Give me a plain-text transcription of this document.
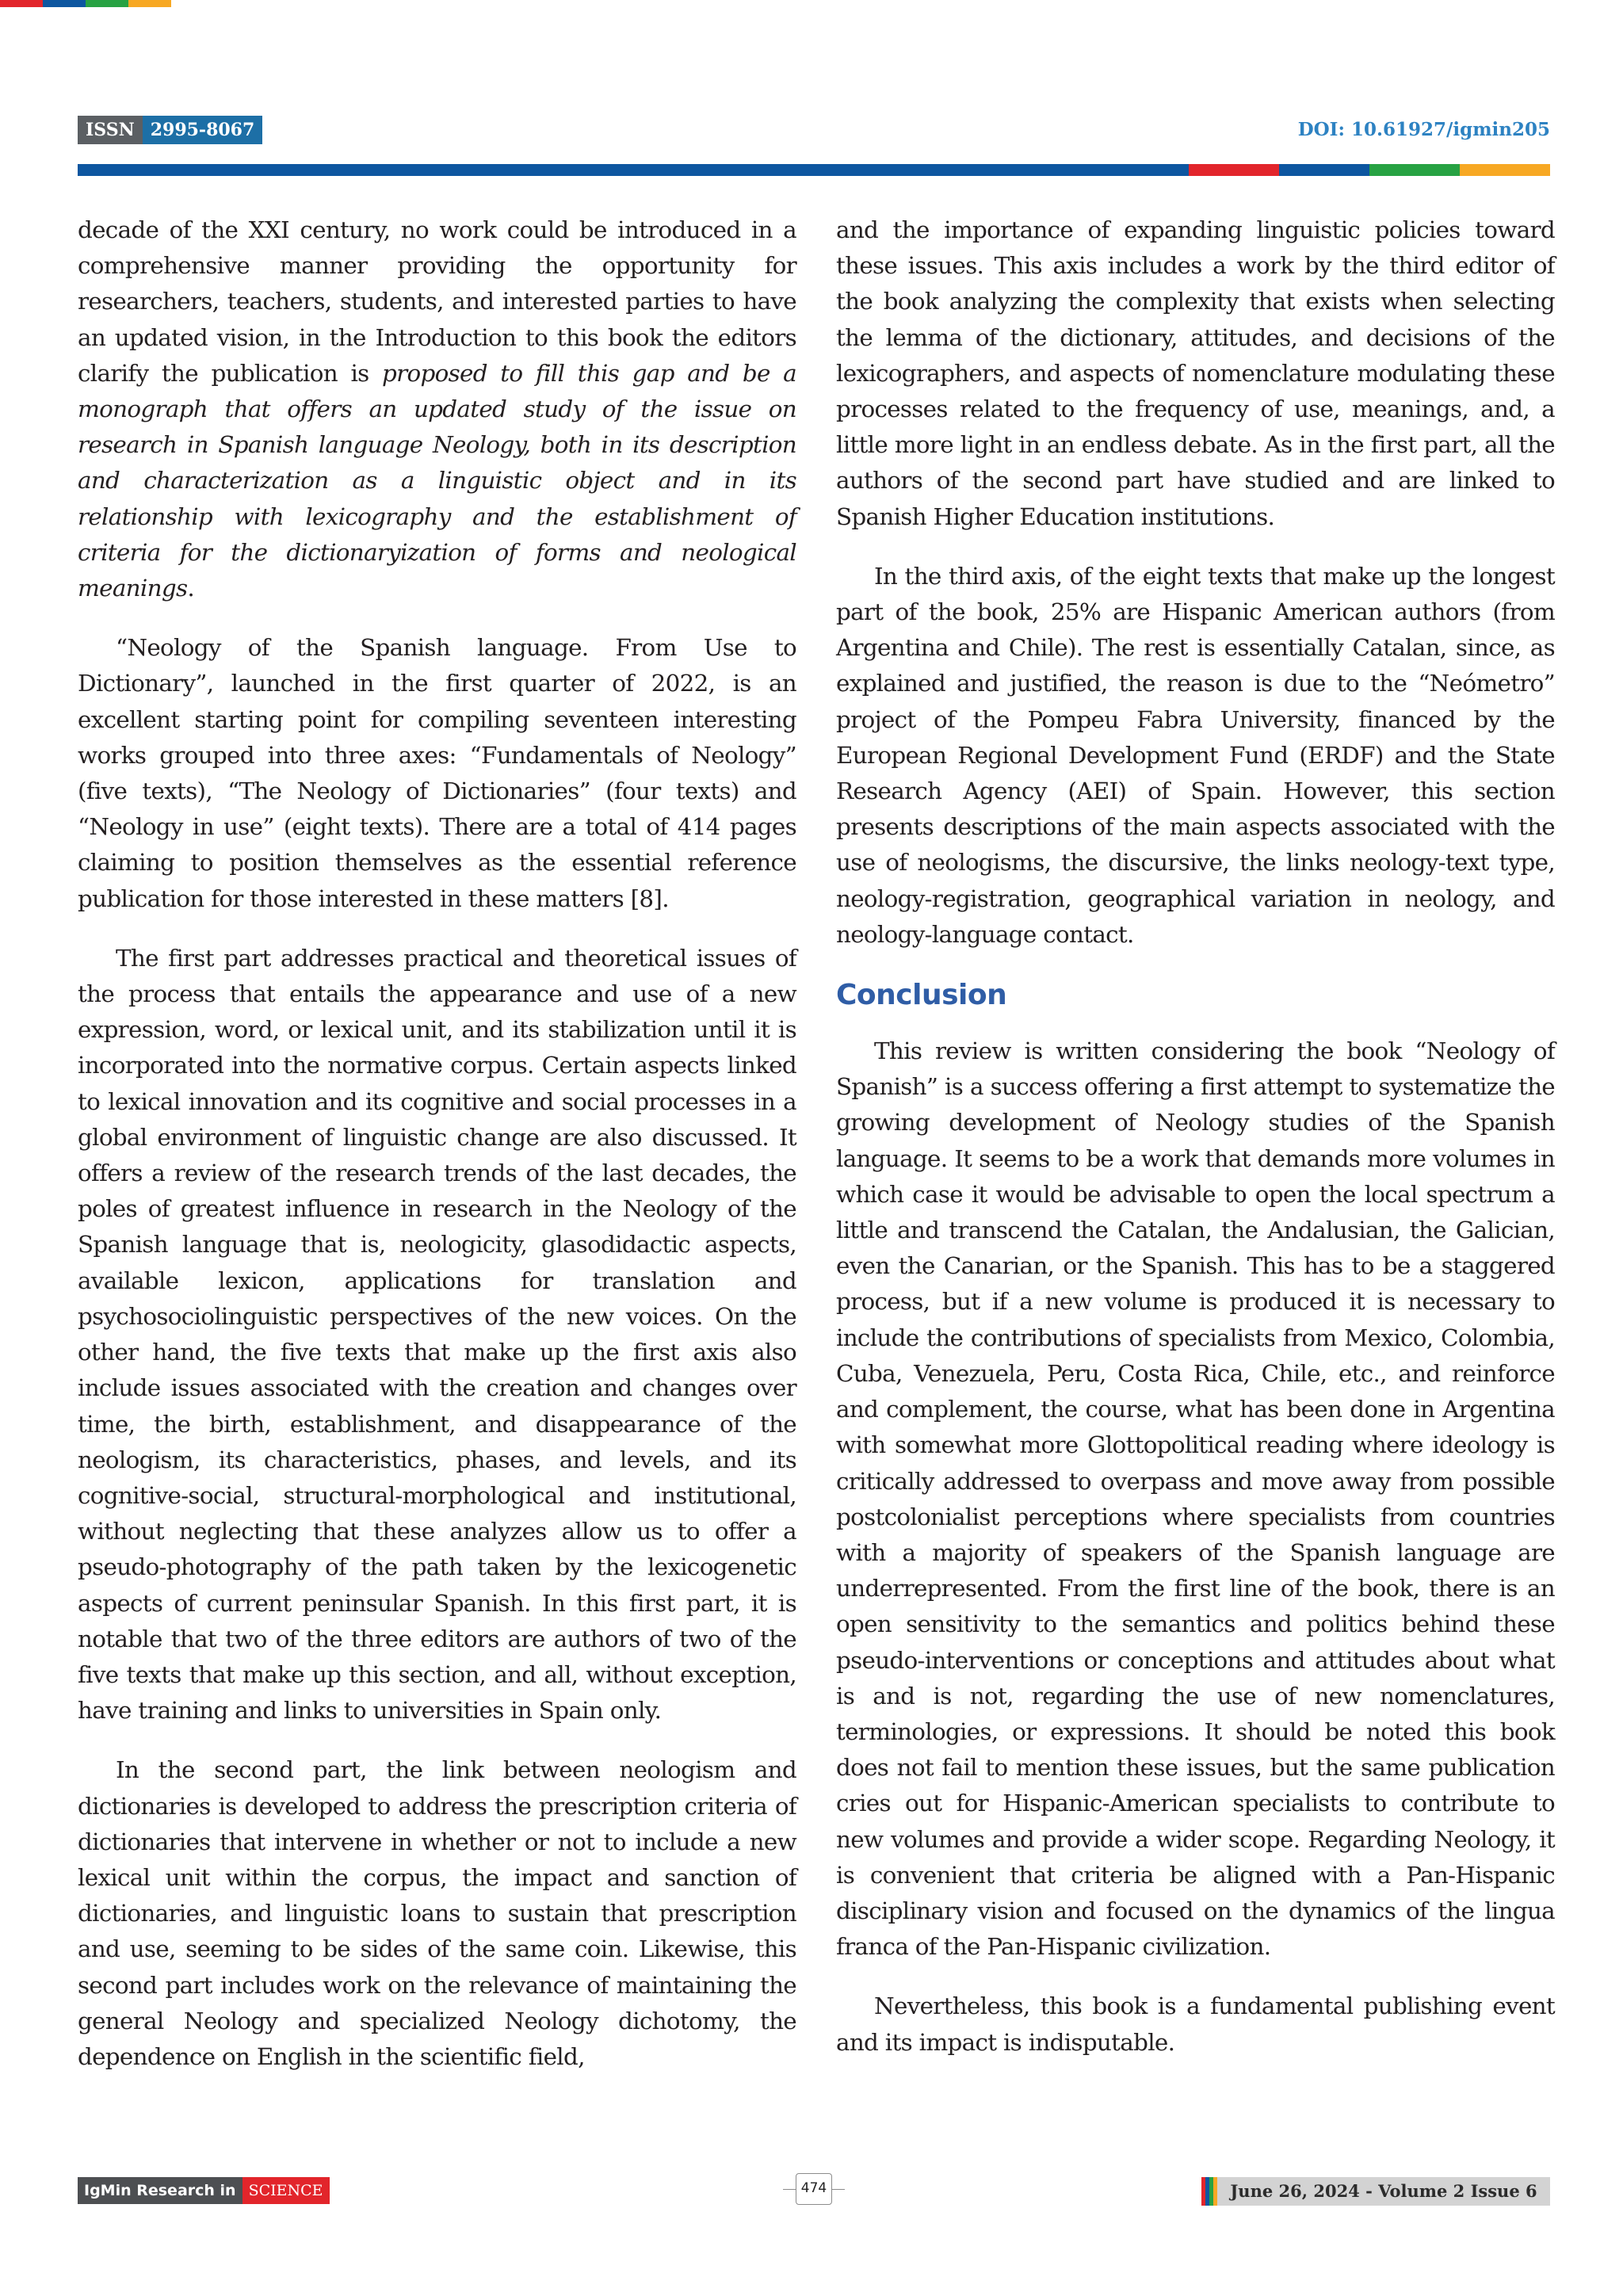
ISSN 2995-8067	DOI: 10.61927/igmin205

decade of the XXI century, no work could be introduced in a comprehensive manner providing the opportunity for researchers, teachers, students, and interested parties to have an updated vision, in the Introduction to this book the editors clarify the publication is proposed to fill this gap and be a monograph that offers an updated study of the issue on research in Spanish language Neology, both in its description and characterization as a linguistic object and in its relationship with lexicography and the establishment of criteria for the dictionaryization of forms and neological meanings.

“Neology of the Spanish language. From Use to Dictionary”, launched in the first quarter of 2022, is an excellent starting point for compiling seventeen interesting works grouped into three axes: “Fundamentals of Neology” (five texts), “The Neology of Dictionaries” (four texts) and “Neology in use” (eight texts). There are a total of 414 pages claiming to position themselves as the essential reference publication for those interested in these matters [8].

The first part addresses practical and theoretical issues of the process that entails the appearance and use of a new expression, word, or lexical unit, and its stabilization until it is incorporated into the normative corpus. Certain aspects linked to lexical innovation and its cognitive and social processes in a global environment of linguistic change are also discussed. It offers a review of the research trends of the last decades, the poles of greatest influence in research in the Neology of the Spanish language that is, neologicity, glasodidactic aspects, available lexicon, applications for translation and psychosociolinguistic perspectives of the new voices. On the other hand, the five texts that make up the first axis also include issues associated with the creation and changes over time, the birth, establishment, and disappearance of the neologism, its characteristics, phases, and levels, and its cognitive-social, structural-morphological and institutional, without neglecting that these analyzes allow us to offer a pseudo-photography of the path taken by the lexicogenetic aspects of current peninsular Spanish. In this first part, it is notable that two of the three editors are authors of two of the five texts that make up this section, and all, without exception, have training and links to universities in Spain only.

In the second part, the link between neologism and dictionaries is developed to address the prescription criteria of dictionaries that intervene in whether or not to include a new lexical unit within the corpus, the impact and sanction of dictionaries, and linguistic loans to sustain that prescription and use, seeming to be sides of the same coin. Likewise, this second part includes work on the relevance of maintaining the general Neology and specialized Neology dichotomy, the dependence on English in the scientific field,

and the importance of expanding linguistic policies toward these issues. This axis includes a work by the third editor of the book analyzing the complexity that exists when selecting the lemma of the dictionary, attitudes, and decisions of the lexicographers, and aspects of nomenclature modulating these processes related to the frequency of use, meanings, and, a little more light in an endless debate. As in the first part, all the authors of the second part have studied and are linked to Spanish Higher Education institutions.

In the third axis, of the eight texts that make up the longest part of the book, 25% are Hispanic American authors (from Argentina and Chile). The rest is essentially Catalan, since, as explained and justified, the reason is due to the “Neómetro” project of the Pompeu Fabra University, financed by the European Regional Development Fund (ERDF) and the State Research Agency (AEI) of Spain. However, this section presents descriptions of the main aspects associated with the use of neologisms, the discursive, the links neology-text type, neology-registration, geographical variation in neology, and neology-language contact.

Conclusion

This review is written considering the book “Neology of Spanish” is a success offering a first attempt to systematize the growing development of Neology studies of the Spanish language. It seems to be a work that demands more volumes in which case it would be advisable to open the local spectrum a little and transcend the Catalan, the Andalusian, the Galician, even the Canarian, or the Spanish. This has to be a staggered process, but if a new volume is produced it is necessary to include the contributions of specialists from Mexico, Colombia, Cuba, Venezuela, Peru, Costa Rica, Chile, etc., and reinforce and complement, the course, what has been done in Argentina with somewhat more Glottopolitical reading where ideology is critically addressed to overpass and move away from possible postcolonialist perceptions where specialists from countries with a majority of speakers of the Spanish language are underrepresented. From the first line of the book, there is an open sensitivity to the semantics and politics behind these pseudo-interventions or conceptions and attitudes about what is and is not, regarding the use of new nomenclatures, terminologies, or expressions. It should be noted this book does not fail to mention these issues, but the same publication cries out for Hispanic-American specialists to contribute to new volumes and provide a wider scope. Regarding Neology, it is convenient that criteria be aligned with a Pan-Hispanic disciplinary vision and focused on the dynamics of the lingua franca of the Pan-Hispanic civilization.

Nevertheless, this book is a fundamental publishing event and its impact is indisputable.

IgMin Research in SCIENCE	474	June 26, 2024 - Volume 2 Issue 6
